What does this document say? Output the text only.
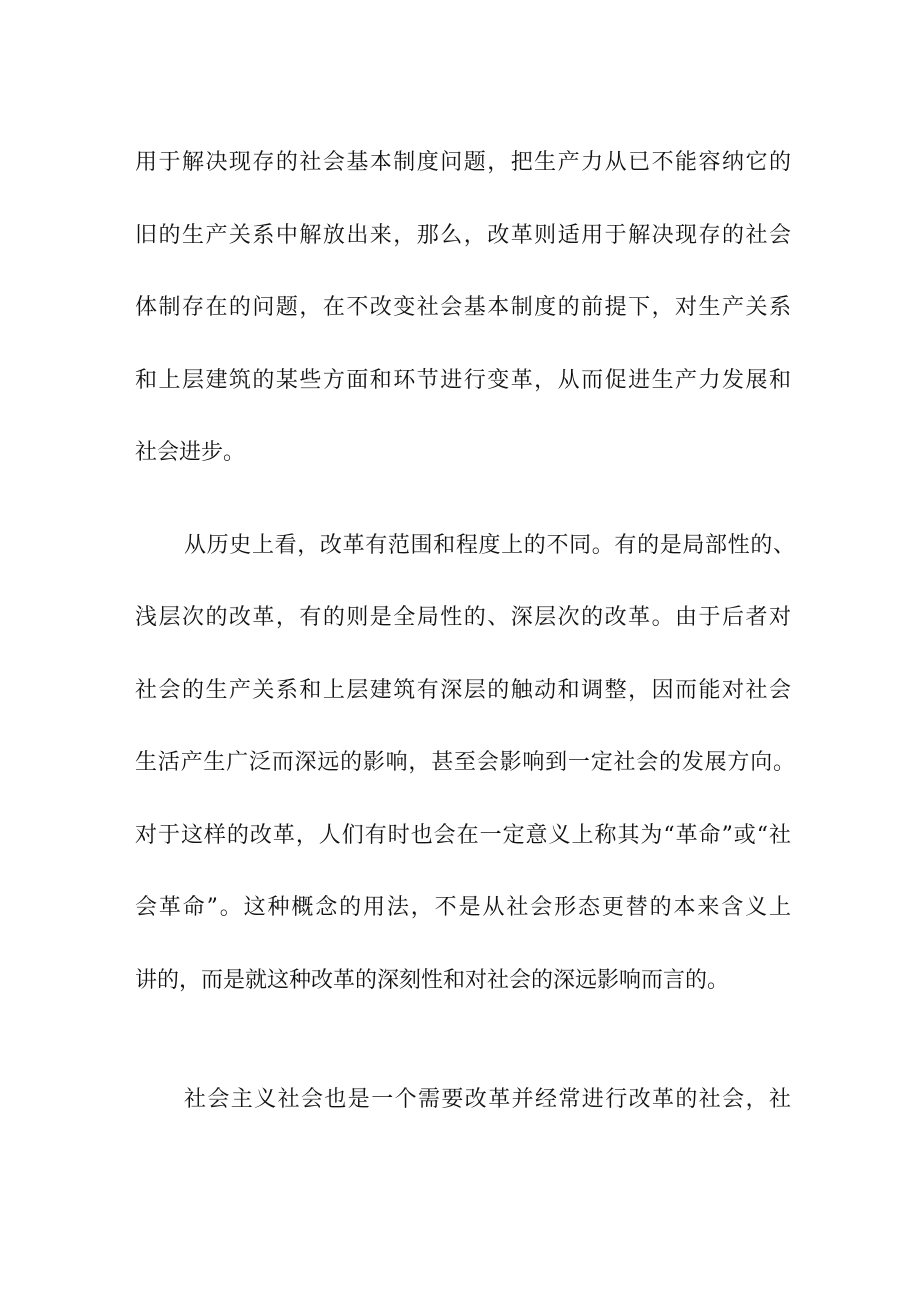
用于解决现存的社会基本制度问题，把生产力从已不能容纳它的
旧的生产关系中解放出来，那么，改革则适用于解决现存的社会
体制存在的问题，在不改变社会基本制度的前提下，对生产关系
和上层建筑的某些方面和环节进行变革，从而促进生产力发展和
社会进步。
从历史上看，改革有范围和程度上的不同。有的是局部性的、
浅层次的改革，有的则是全局性的、深层次的改革。由于后者对
社会的生产关系和上层建筑有深层的触动和调整，因而能对社会
生活产生广泛而深远的影响，甚至会影响到一定社会的发展方向。
对于这样的改革，人们有时也会在一定意义上称其为“革命”或“社
会革命”。这种概念的用法，不是从社会形态更替的本来含义上
讲的，而是就这种改革的深刻性和对社会的深远影响而言的。
社会主义社会也是一个需要改革并经常进行改革的社会，社
